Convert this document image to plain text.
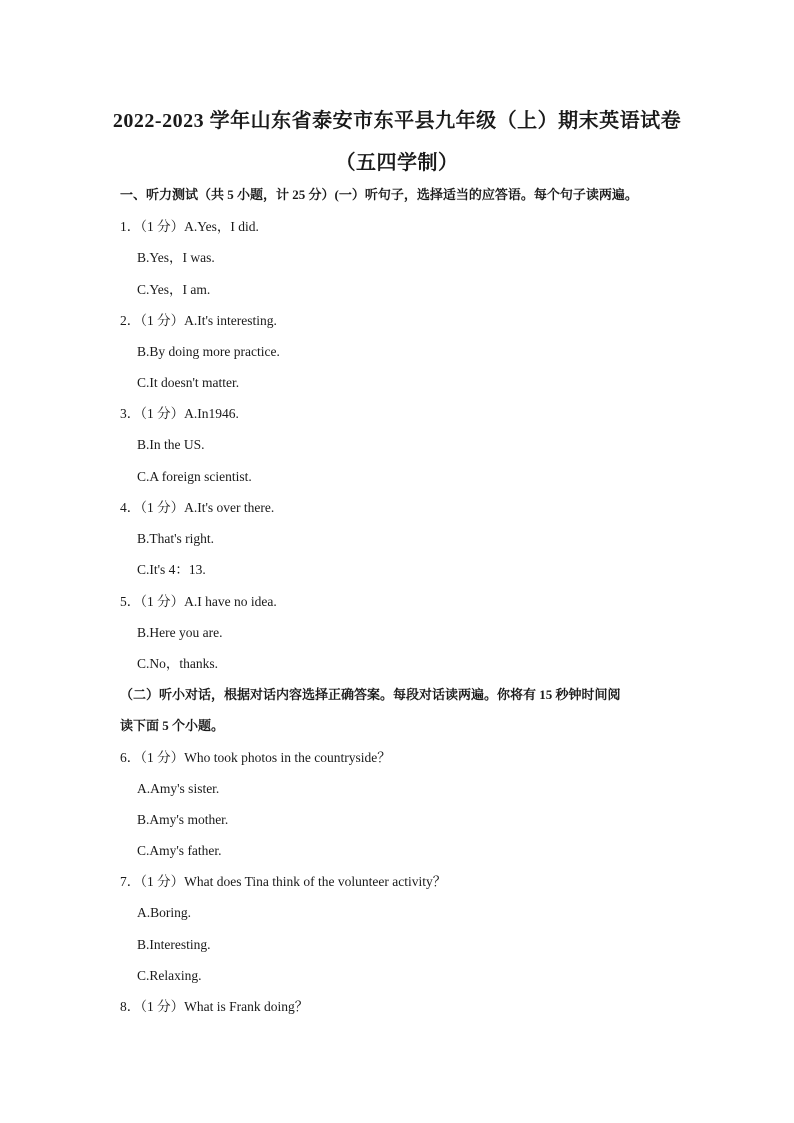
2022-2023 学年山东省泰安市东平县九年级（上）期末英语试卷
（五四学制）
一、听力测试（共 5 小题，计 25 分）(一）听句子，选择适当的应答语。每个句子读两遍。
1．（1 分）A.Yes，I did.
B.Yes，I was.
C.Yes，I am.
2．（1 分）A.It's interesting.
B.By doing more practice.
C.It doesn't matter.
3．（1 分）A.In1946.
B.In the US.
C.A foreign scientist.
4．（1 分）A.It's over there.
B.That's right.
C.It's 4：13.
5．（1 分）A.I have no idea.
B.Here you are.
C.No，thanks.
（二）听小对话，根据对话内容选择正确答案。每段对话读两遍。你将有 15 秒钟时间阅
读下面 5 个小题。
6．（1 分）Who took photos in the countryside？
A.Amy's sister.
B.Amy's mother.
C.Amy's father.
7．（1 分）What does Tina think of the volunteer activity？
A.Boring.
B.Interesting.
C.Relaxing.
8．（1 分）What is Frank doing？
